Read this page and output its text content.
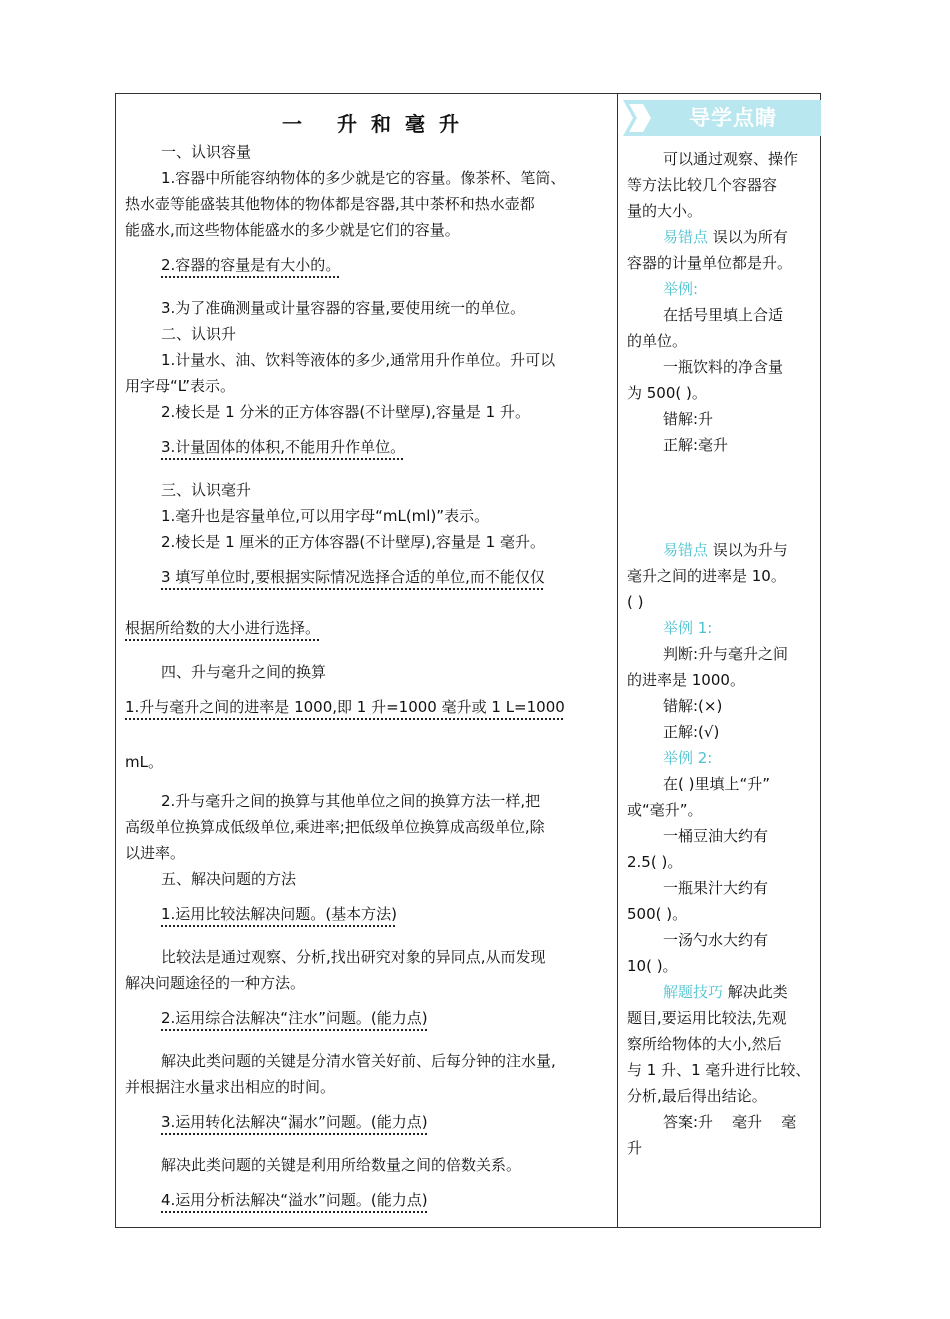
一 升和毫升
一、认识容量
1.容器中所能容纳物体的多少就是它的容量。像茶杯、笔筒、
热水壶等能盛装其他物体的物体都是容器,其中茶杯和热水壶都
能盛水,而这些物体能盛水的多少就是它们的容量。
2.容器的容量是有大小的。
3.为了准确测量或计量容器的容量,要使用统一的单位。
二、认识升
1.计量水、油、饮料等液体的多少,通常用升作单位。升可以
用字母“L”表示。
2.棱长是 1 分米的正方体容器(不计壁厚),容量是 1 升。
3.计量固体的体积,不能用升作单位。
三、认识毫升
1.毫升也是容量单位,可以用字母“mL(ml)”表示。
2.棱长是 1 厘米的正方体容器(不计壁厚),容量是 1 毫升。
3 填写单位时,要根据实际情况选择合适的单位,而不能仅仅
根据所给数的大小进行选择。
四、升与毫升之间的换算
1.升与毫升之间的进率是 1000,即 1 升=1000 毫升或 1 L=1000
mL。
2.升与毫升之间的换算与其他单位之间的换算方法一样,把
高级单位换算成低级单位,乘进率;把低级单位换算成高级单位,除
以进率。
五、解决问题的方法
1.运用比较法解决问题。(基本方法)
比较法是通过观察、分析,找出研究对象的异同点,从而发现
解决问题途径的一种方法。
2.运用综合法解决“注水”问题。(能力点)
解决此类问题的关键是分清水管关好前、后每分钟的注水量,
并根据注水量求出相应的时间。
3.运用转化法解决“漏水”问题。(能力点)
解决此类问题的关键是利用所给数量之间的倍数关系。
4.运用分析法解决“溢水”问题。(能力点)
导学点睛
可以通过观察、操作
等方法比较几个容器容
量的大小。
易错点 误以为所有
容器的计量单位都是升。
举例:
在括号里填上合适
的单位。
一瓶饮料的净含量
为 500( )。
错解:升
正解:毫升
易错点 误以为升与
毫升之间的进率是 10。
( )
举例 1:
判断:升与毫升之间
的进率是 1000。
错解:(×)
正解:(√)
举例 2:
在( )里填上“升”
或“毫升”。
一桶豆油大约有
2.5( )。
一瓶果汁大约有
500( )。
一汤勺水大约有
10( )。
解题技巧 解决此类
题目,要运用比较法,先观
察所给物体的大小,然后
与 1 升、1 毫升进行比较、
分析,最后得出结论。
答案:升    毫升    毫
升
